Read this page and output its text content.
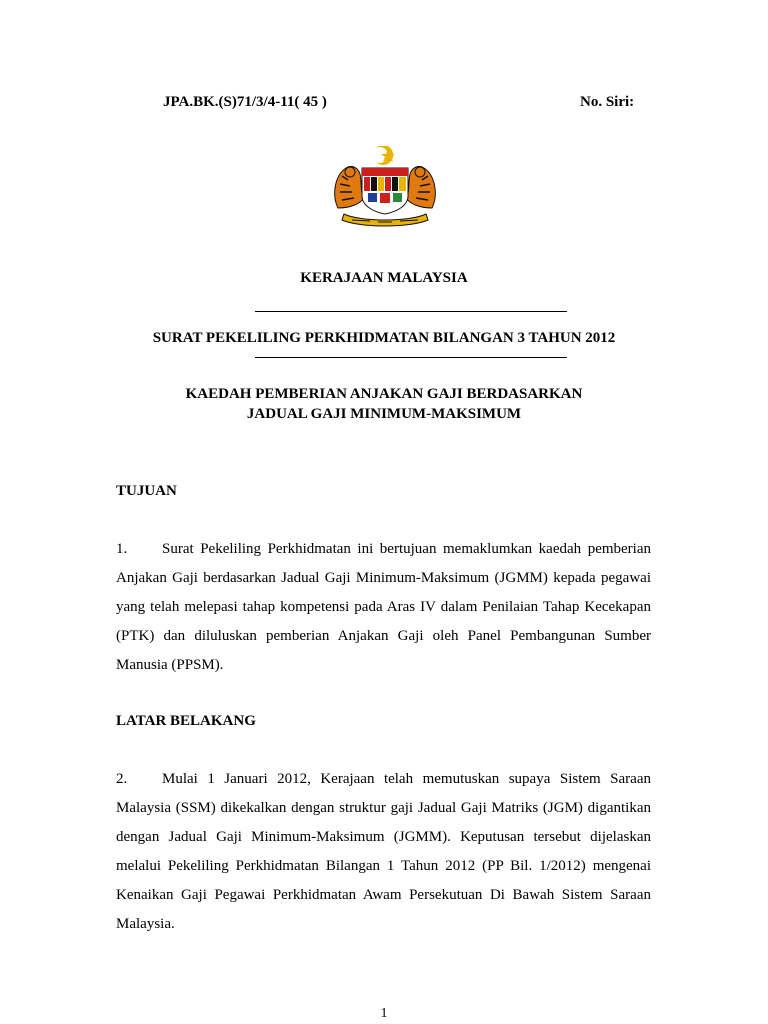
JPA.BK.(S)71/3/4-11( 45 )	No. Siri:
KERAJAAN MALAYSIA
SURAT PEKELILING PERKHIDMATAN BILANGAN 3 TAHUN 2012
KAEDAH PEMBERIAN ANJAKAN GAJI BERDASARKAN
JADUAL GAJI MINIMUM-MAKSIMUM
TUJUAN
1. Surat Pekeliling Perkhidmatan ini bertujuan memaklumkan kaedah pemberian Anjakan Gaji berdasarkan Jadual Gaji Minimum-Maksimum (JGMM) kepada pegawai yang telah melepasi tahap kompetensi pada Aras IV dalam Penilaian Tahap Kecekapan (PTK) dan diluluskan pemberian Anjakan Gaji oleh Panel Pembangunan Sumber Manusia (PPSM).
LATAR BELAKANG
2. Mulai 1 Januari 2012, Kerajaan telah memutuskan supaya Sistem Saraan Malaysia (SSM) dikekalkan dengan struktur gaji Jadual Gaji Matriks (JGM) digantikan dengan Jadual Gaji Minimum-Maksimum (JGMM). Keputusan tersebut dijelaskan melalui Pekeliling Perkhidmatan Bilangan 1 Tahun 2012 (PP Bil. 1/2012) mengenai Kenaikan Gaji Pegawai Perkhidmatan Awam Persekutuan Di Bawah Sistem Saraan Malaysia.
1
